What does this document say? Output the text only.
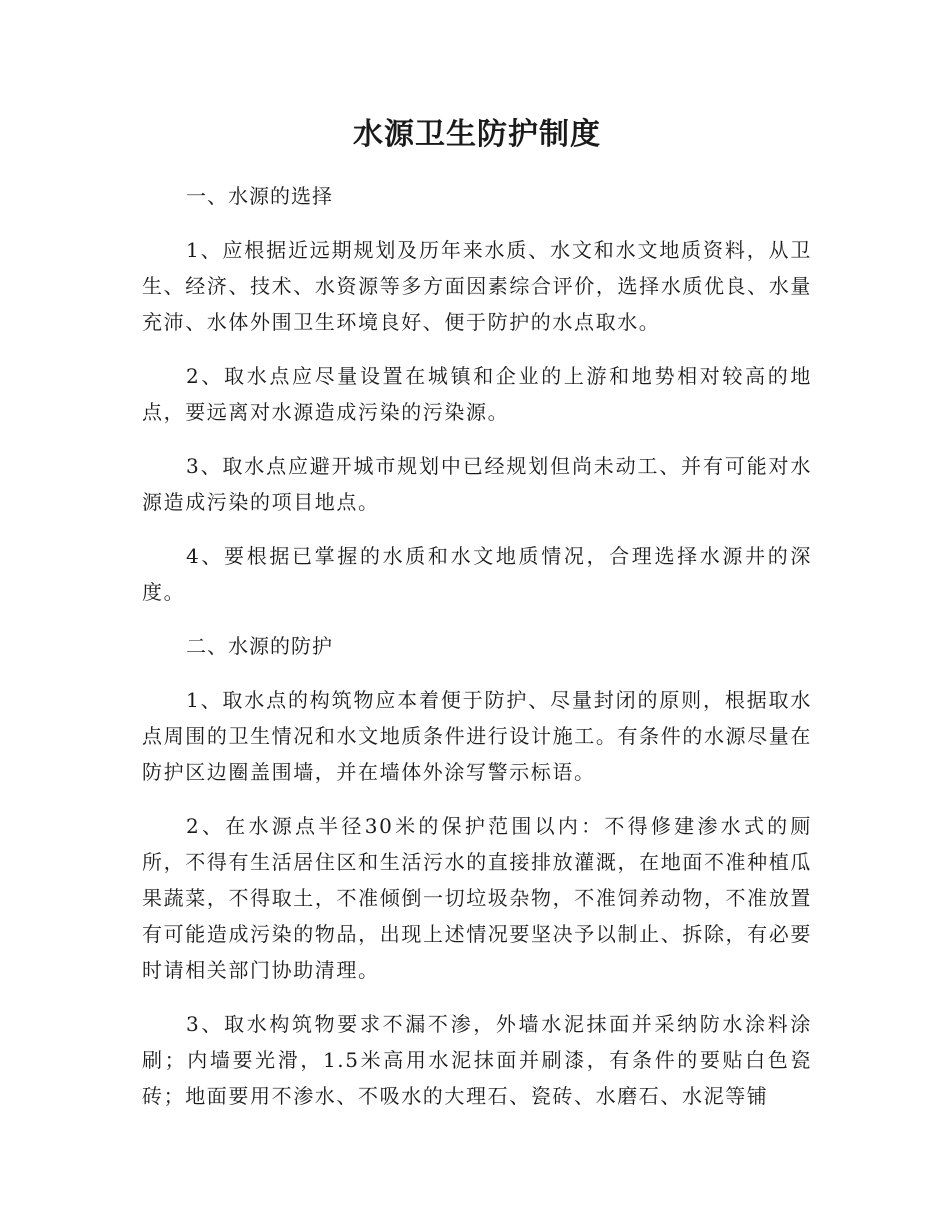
水源卫生防护制度

一、水源的选择

1、应根据近远期规划及历年来水质、水文和水文地质资料，从卫生、经济、技术、水资源等多方面因素综合评价，选择水质优良、水量充沛、水体外围卫生环境良好、便于防护的水点取水。

2、取水点应尽量设置在城镇和企业的上游和地势相对较高的地点，要远离对水源造成污染的污染源。

3、取水点应避开城市规划中已经规划但尚未动工、并有可能对水源造成污染的项目地点。

4、要根据已掌握的水质和水文地质情况，合理选择水源井的深度。

二、水源的防护

1、取水点的构筑物应本着便于防护、尽量封闭的原则，根据取水点周围的卫生情况和水文地质条件进行设计施工。有条件的水源尽量在防护区边圈盖围墙，并在墙体外涂写警示标语。

2、在水源点半径30米的保护范围以内：不得修建渗水式的厕所，不得有生活居住区和生活污水的直接排放灌溉，在地面不准种植瓜果蔬菜，不得取土，不准倾倒一切垃圾杂物，不准饲养动物，不准放置有可能造成污染的物品，出现上述情况要坚决予以制止、拆除，有必要时请相关部门协助清理。

3、取水构筑物要求不漏不渗，外墙水泥抹面并采纳防水涂料涂刷；内墙要光滑，1.5米高用水泥抹面并刷漆，有条件的要贴白色瓷砖；地面要用不渗水、不吸水的大理石、瓷砖、水磨石、水泥等铺
